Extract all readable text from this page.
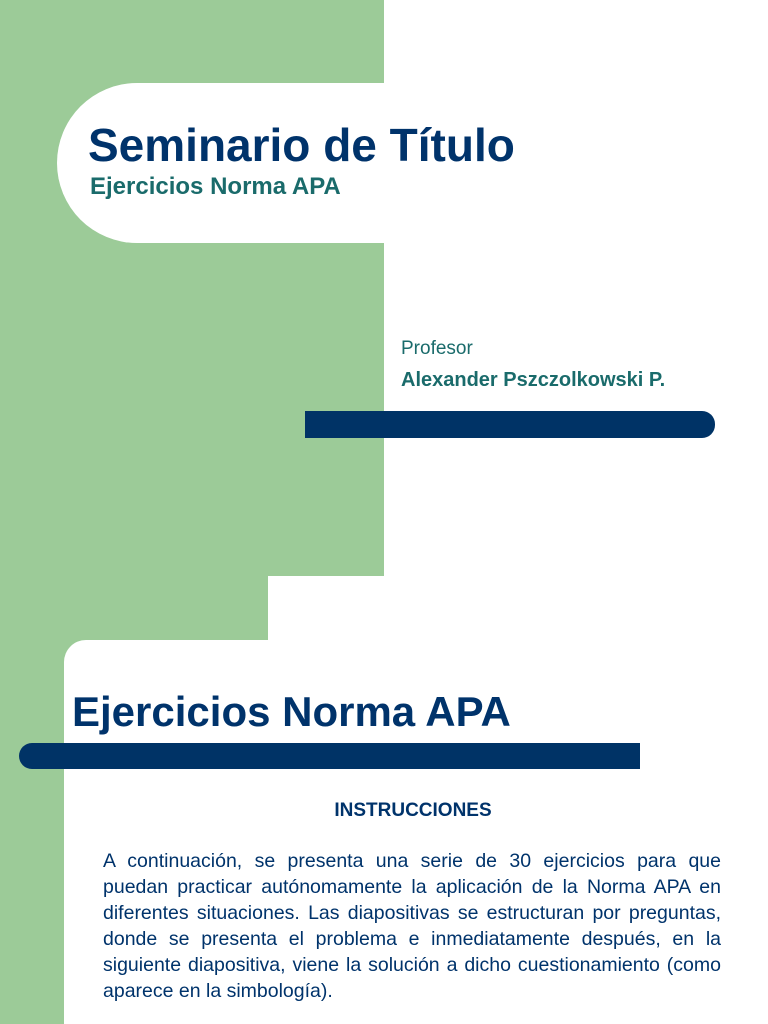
Seminario de Título
Ejercicios Norma APA
Profesor
Alexander Pszczolkowski P.
Ejercicios Norma APA
INSTRUCCIONES
A continuación, se presenta una serie de 30 ejercicios para que puedan practicar autónomamente la aplicación de la Norma APA en diferentes situaciones. Las diapositivas se estructuran por preguntas, donde se presenta el problema e inmediatamente después, en la siguiente diapositiva, viene la solución a dicho cuestionamiento (como aparece en la simbología).
